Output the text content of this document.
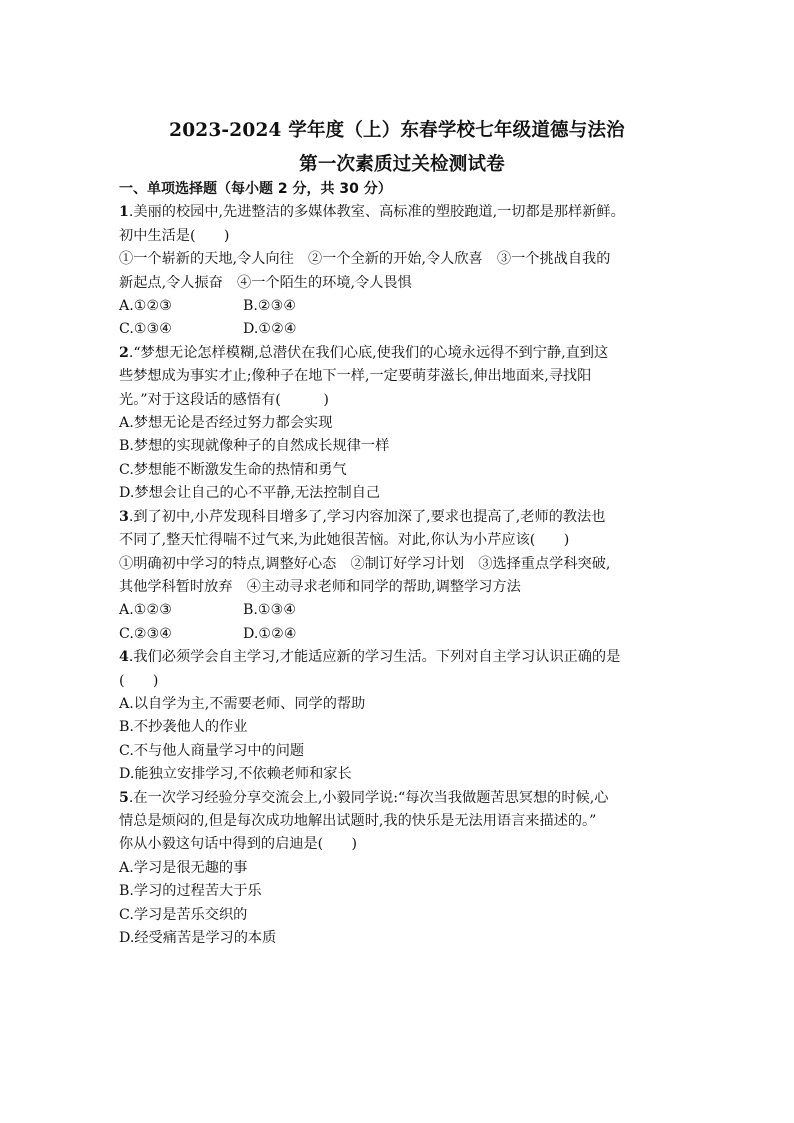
2023-2024 学年度（上）东春学校七年级道德与法治
第一次素质过关检测试卷
一、单项选择题（每小题 2 分，共 30 分）
1.美丽的校园中,先进整洁的多媒体教室、高标准的塑胶跑道,一切都是那样新鲜。
初中生活是(　　)
①一个崭新的天地,令人向往　②一个全新的开始,令人欣喜　③一个挑战自我的
新起点,令人振奋　④一个陌生的环境,令人畏惧
A.①②③	B.②③④
C.①③④	D.①②④
2.“梦想无论怎样模糊,总潜伏在我们心底,使我们的心境永远得不到宁静,直到这
些梦想成为事实才止;像种子在地下一样,一定要萌芽滋长,伸出地面来,寻找阳
光。”对于这段话的感悟有(　　　)
A.梦想无论是否经过努力都会实现
B.梦想的实现就像种子的自然成长规律一样
C.梦想能不断激发生命的热情和勇气
D.梦想会让自己的心不平静,无法控制自己
3.到了初中,小芹发现科目增多了,学习内容加深了,要求也提高了,老师的教法也
不同了,整天忙得喘不过气来,为此她很苦恼。对此,你认为小芹应该(　　)
①明确初中学习的特点,调整好心态　②制订好学习计划　③选择重点学科突破,
其他学科暂时放弃　④主动寻求老师和同学的帮助,调整学习方法
A.①②③	B.①③④
C.②③④	D.①②④
4.我们必须学会自主学习,才能适应新的学习生活。下列对自主学习认识正确的是
(　　)
A.以自学为主,不需要老师、同学的帮助
B.不抄袭他人的作业
C.不与他人商量学习中的问题
D.能独立安排学习,不依赖老师和家长
5.在一次学习经验分享交流会上,小毅同学说:“每次当我做题苦思冥想的时候,心
情总是烦闷的,但是每次成功地解出试题时,我的快乐是无法用语言来描述的。”
你从小毅这句话中得到的启迪是(　　)
A.学习是很无趣的事
B.学习的过程苦大于乐
C.学习是苦乐交织的
D.经受痛苦是学习的本质
